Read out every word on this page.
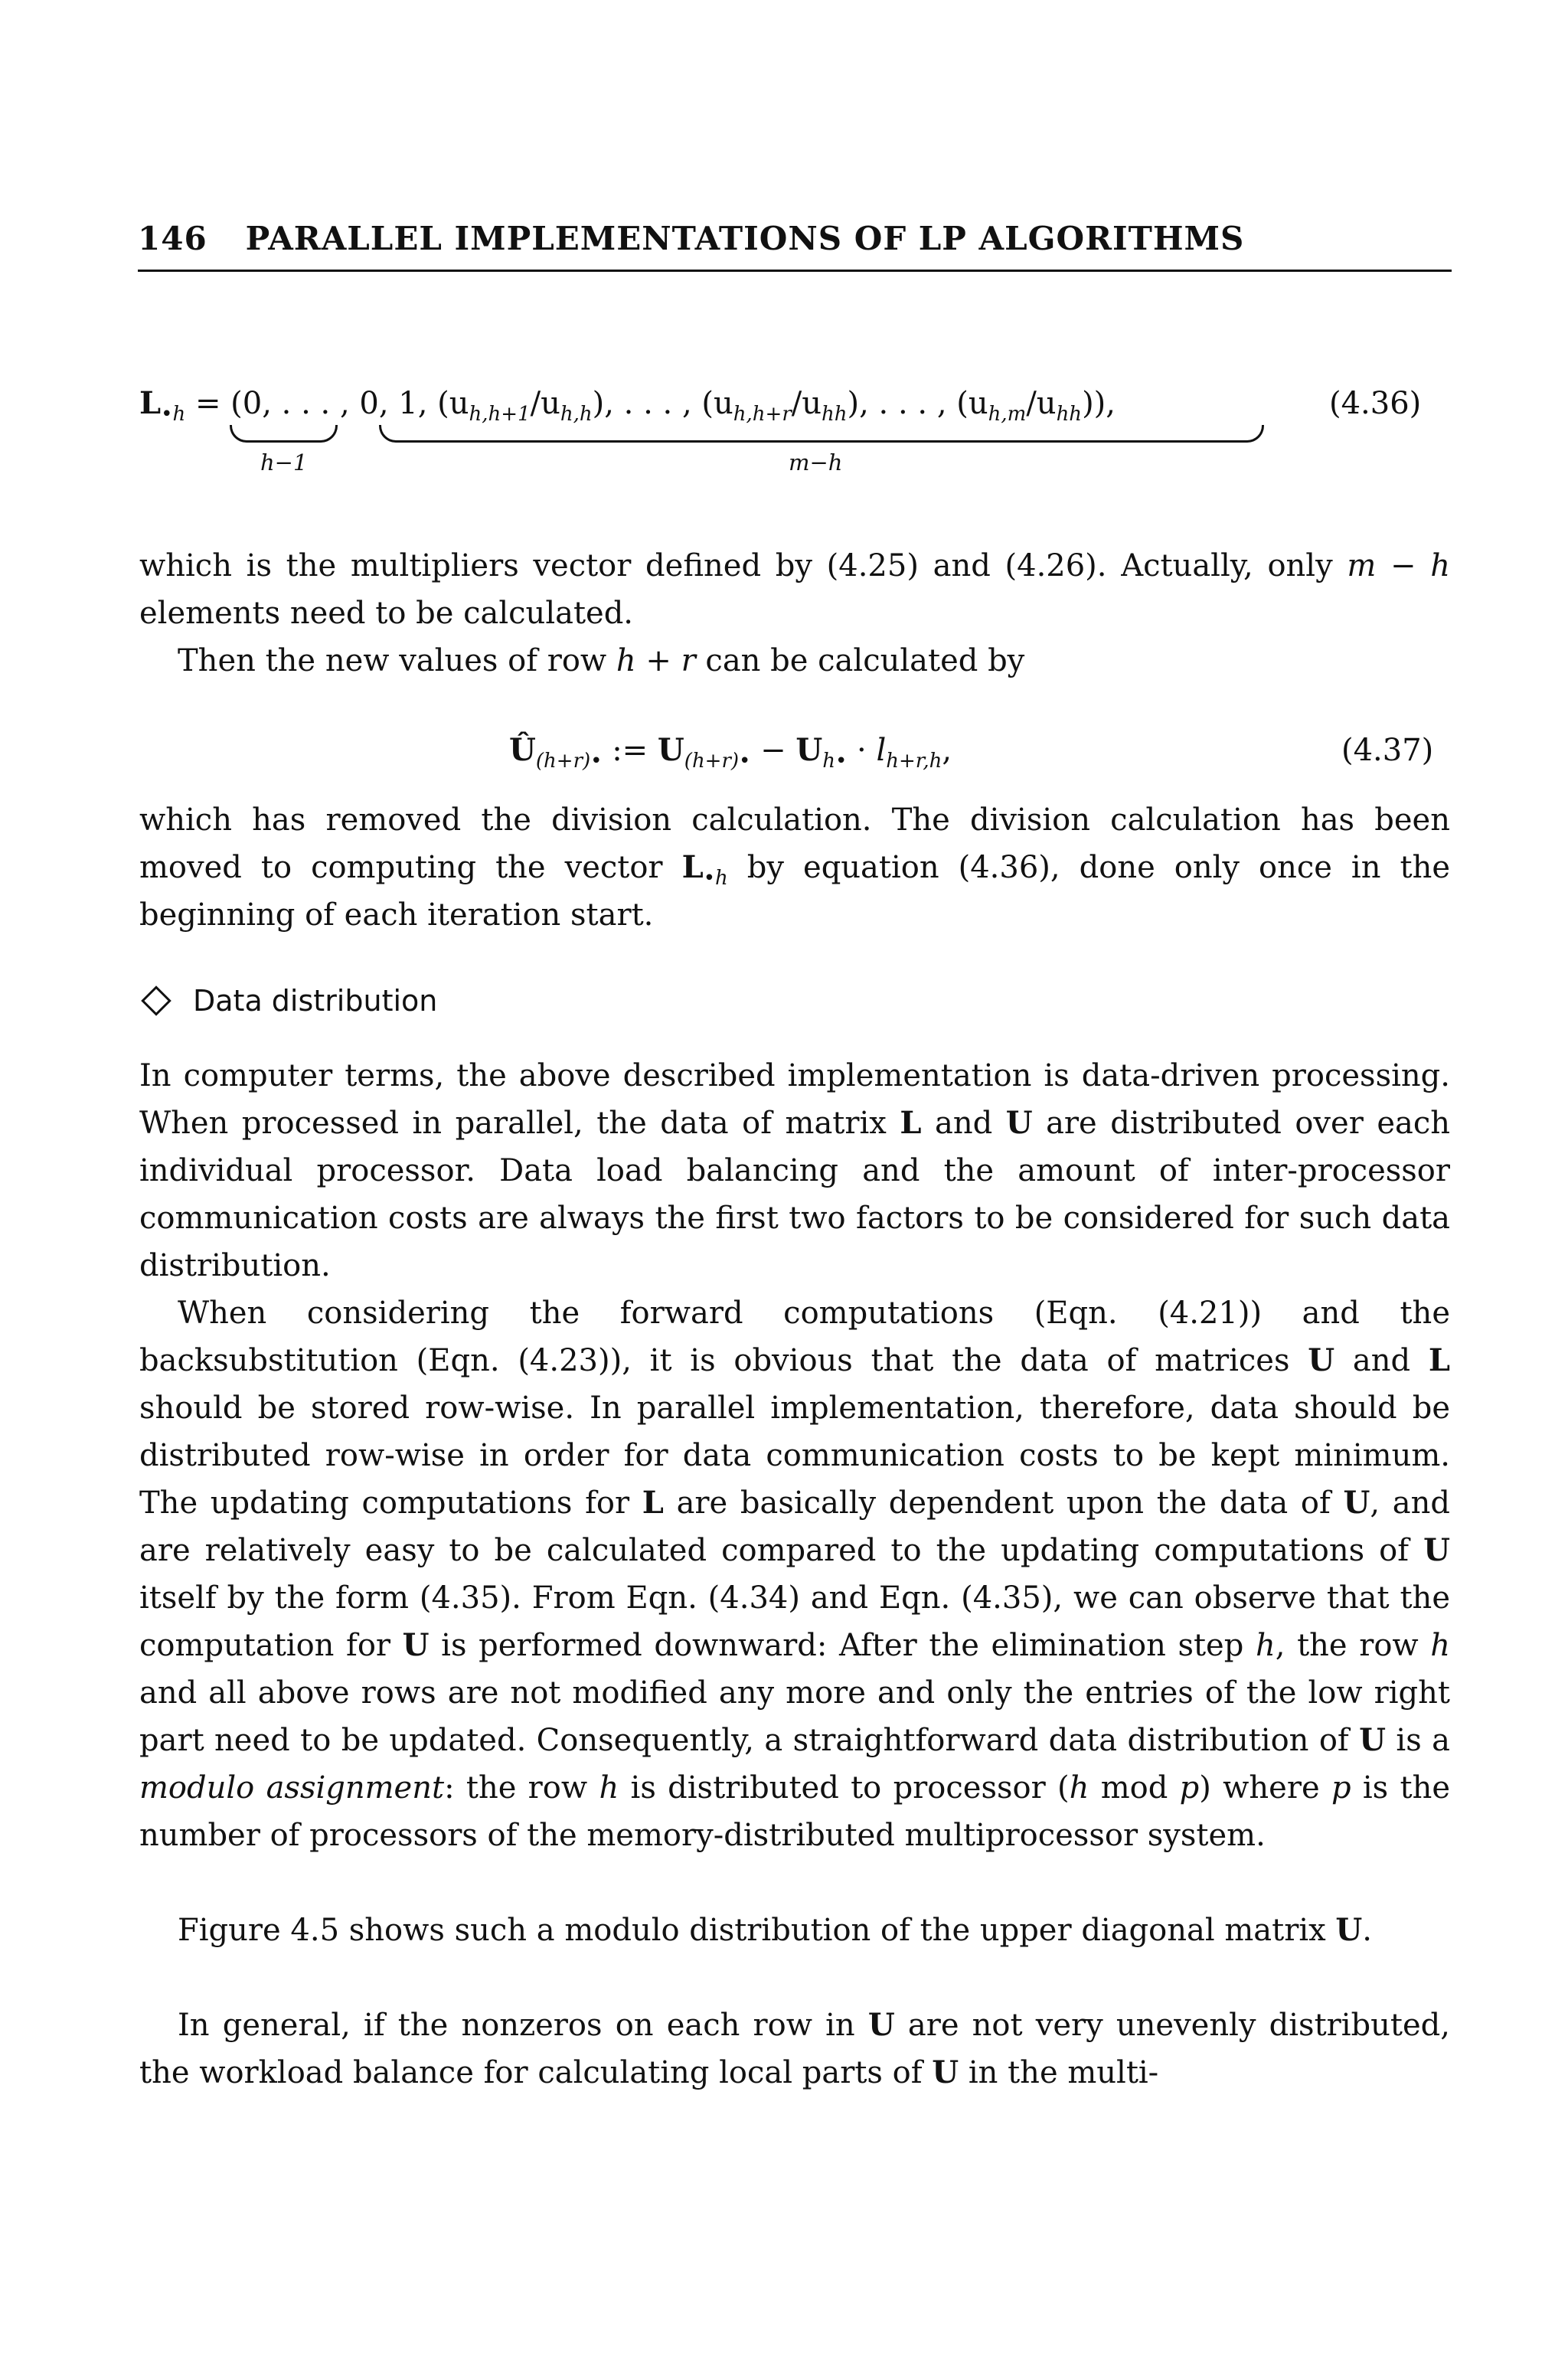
146 PARALLEL IMPLEMENTATIONS OF LP ALGORITHMS
$L_{•h} = (0$, . . . , 0, 1, $(u_{h,h+1}/u_{h,h})$, . . . , $(u_{h,h+r}/u_{hh})$, . . . , $(u_{h,m}/u_{hh})$),	(4.36)
h−1	m−h
which is the multipliers vector defined by (4.25) and (4.26). Actually, only m − h elements need to be calculated.
Then the new values of row h + r can be calculated by
$Û_{(h+r)•}$ := $U_{(h+r)•} - U_{h•} \cdot l_{h+r,h}$,	(4.37)
which has removed the division calculation. The division calculation has been moved to computing the vector $L_{•h}$ by equation (4.36), done only once in the beginning of each iteration start.
Data distribution
In computer terms, the above described implementation is data-driven processing. When processed in parallel, the data of matrix L and U are distributed over each individual processor. Data load balancing and the amount of inter-processor communication costs are always the first two factors to be considered for such data distribution.
When considering the forward computations (Eqn. (4.21)) and the backsubstitution (Eqn. (4.23)), it is obvious that the data of matrices U and L should be stored row-wise. In parallel implementation, therefore, data should be distributed row-wise in order for data communication costs to be kept minimum. The updating computations for L are basically dependent upon the data of U, and are relatively easy to be calculated compared to the updating computations of U itself by the form (4.35). From Eqn. (4.34) and Eqn. (4.35), we can observe that the computation for U is performed downward: After the elimination step h, the row h and all above rows are not modified any more and only the entries of the low right part need to be updated. Consequently, a straightforward data distribution of U is a modulo assignment: the row h is distributed to processor (h mod p) where p is the number of processors of the memory-distributed multiprocessor system.
Figure 4.5 shows such a modulo distribution of the upper diagonal matrix U.
In general, if the nonzeros on each row in U are not very unevenly distributed, the workload balance for calculating local parts of U in the multi-
